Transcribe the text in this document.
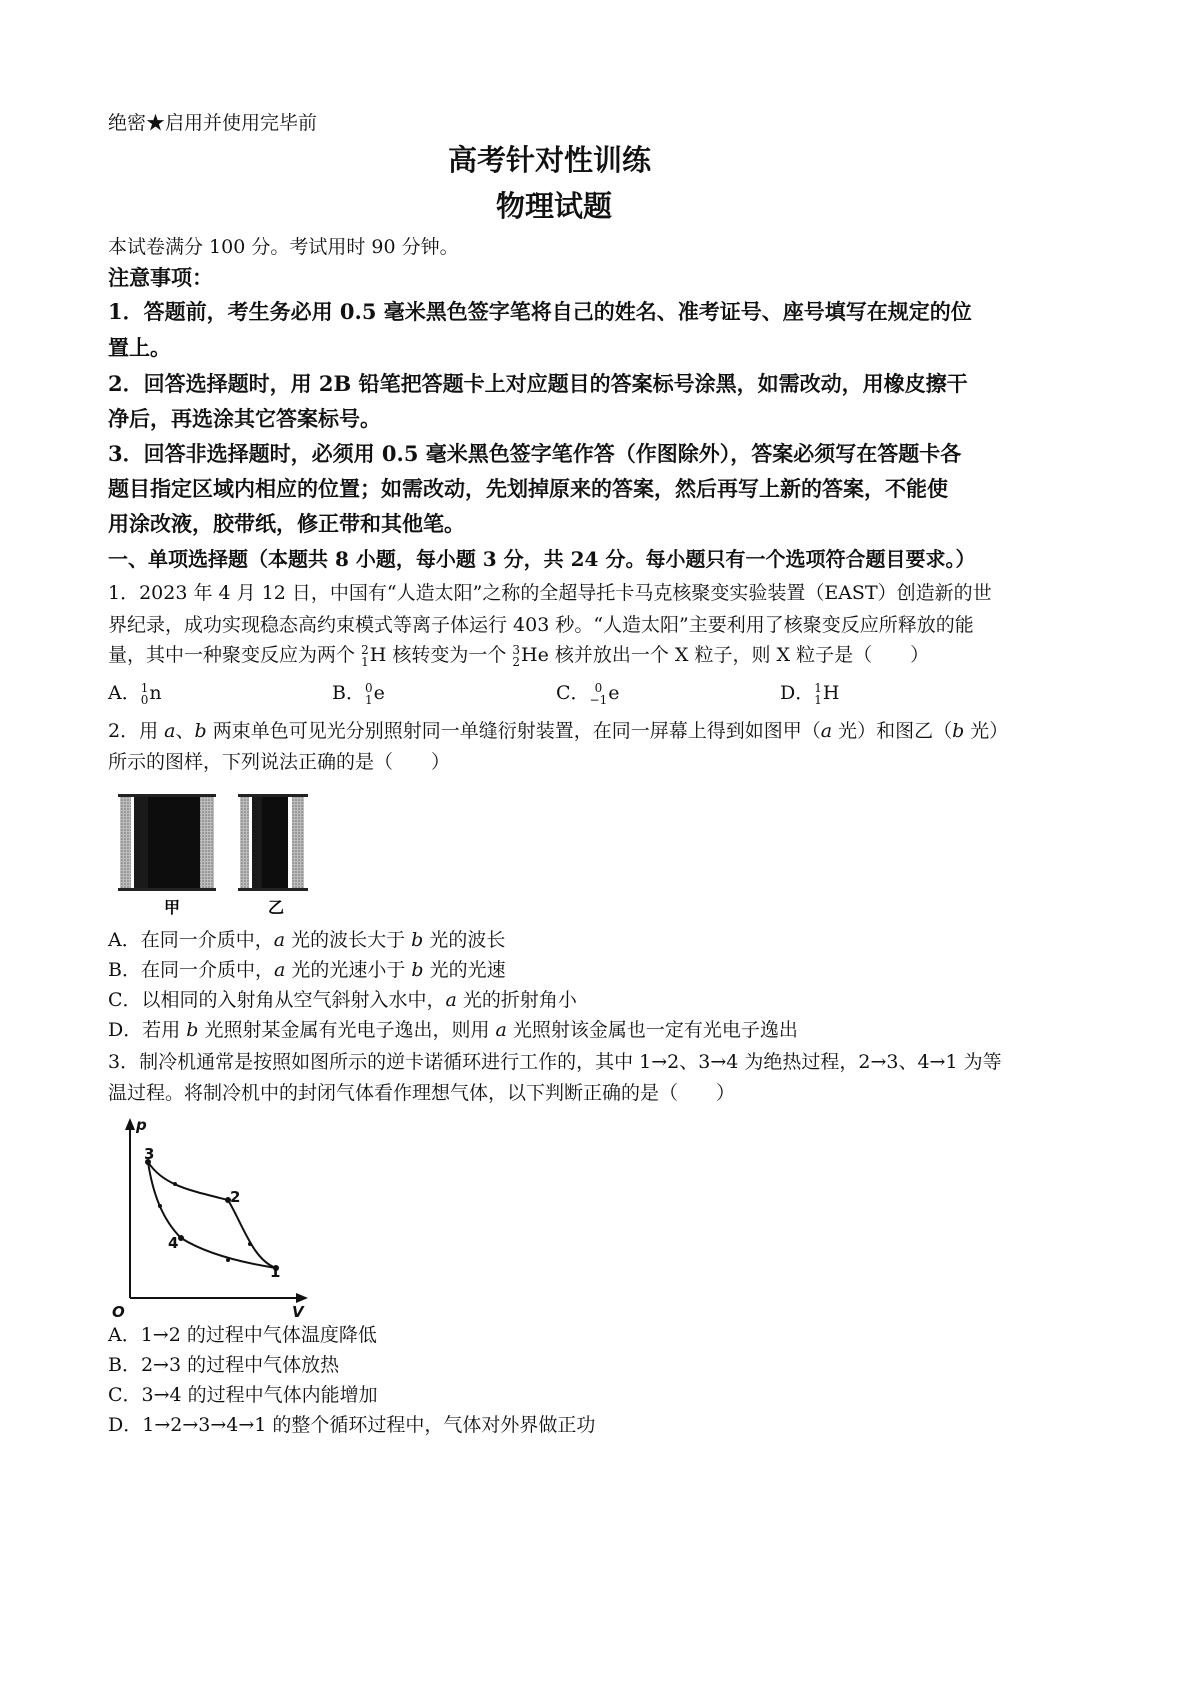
绝密★启用并使用完毕前
高考针对性训练
物理试题
本试卷满分 100 分。考试用时 90 分钟。
注意事项：
1．答题前，考生务必用 0.5 毫米黑色签字笔将自己的姓名、准考证号、座号填写在规定的位
置上。
2．回答选择题时，用 2B 铅笔把答题卡上对应题目的答案标号涂黑，如需改动，用橡皮擦干
净后，再选涂其它答案标号。
3．回答非选择题时，必须用 0.5 毫米黑色签字笔作答（作图除外），答案必须写在答题卡各
题目指定区域内相应的位置；如需改动，先划掉原来的答案，然后再写上新的答案，不能使
用涂改液，胶带纸，修正带和其他笔。
一、单项选择题（本题共 8 小题，每小题 3 分，共 24 分。每小题只有一个选项符合题目要求。）
1．2023 年 4 月 12 日，中国有“人造太阳”之称的全超导托卡马克核聚变实验装置（EAST）创造新的世
界纪录，成功实现稳态高约束模式等离子体运行 403 秒。“人造太阳”主要利用了核聚变反应所释放的能
量，其中一种聚变反应为两个 2
1 H 核转变为一个 3
2 He 核并放出一个 X 粒子，则 X 粒子是（　　）
A． 1
0 n	B． 0
1 e	C． 0
−1 e	D． 1
1 H
2．用 a、b 两束单色可见光分别照射同一单缝衍射装置，在同一屏幕上得到如图甲（a 光）和图乙（b 光）
所示的图样，下列说法正确的是（　　）
甲	乙
A．在同一介质中，a 光的波长大于 b 光的波长
B．在同一介质中，a 光的光速小于 b 光的光速
C．以相同的入射角从空气斜射入水中，a 光的折射角小
D．若用 b 光照射某金属有光电子逸出，则用 a 光照射该金属也一定有光电子逸出
3．制冷机通常是按照如图所示的逆卡诺循环进行工作的，其中 1→2、3→4 为绝热过程，2→3、4→1 为等
温过程。将制冷机中的封闭气体看作理想气体，以下判断正确的是（　　）
p
V
O
3
2
1
4
A．1→2 的过程中气体温度降低
B．2→3 的过程中气体放热
C．3→4 的过程中气体内能增加
D．1→2→3→4→1 的整个循环过程中，气体对外界做正功
